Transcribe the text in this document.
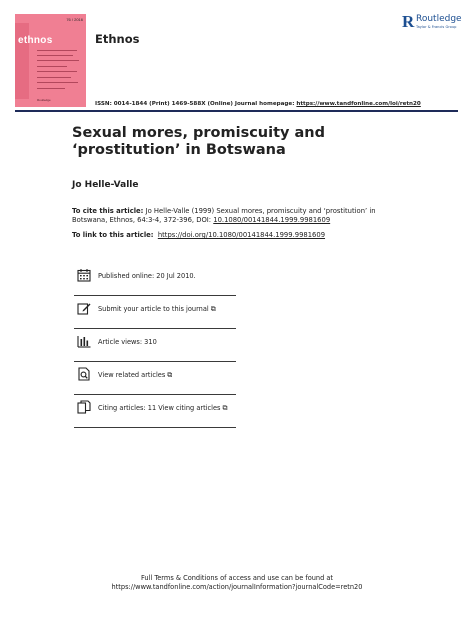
76 / 2016
ethnos
Routledge
Ethnos
R Routledge
Taylor & Francis Group
ISSN: 0014-1844 (Print) 1469-588X (Online) Journal homepage: https://www.tandfonline.com/loi/retn20
Sexual mores, promiscuity and ‘prostitution’ in Botswana
Jo Helle-Valle
To cite this article: Jo Helle-Valle (1999) Sexual mores, promiscuity and ‘prostitution’ in Botswana, Ethnos, 64:3-4, 372-396, DOI: 10.1080/00141844.1999.9981609
To link to this article: https://doi.org/10.1080/00141844.1999.9981609
Published online: 20 Jul 2010.
Submit your article to this journal ⧉
Article views: 310
View related articles ⧉
Citing articles: 11 View citing articles ⧉
Full Terms & Conditions of access and use can be found at
https://www.tandfonline.com/action/journalInformation?journalCode=retn20
